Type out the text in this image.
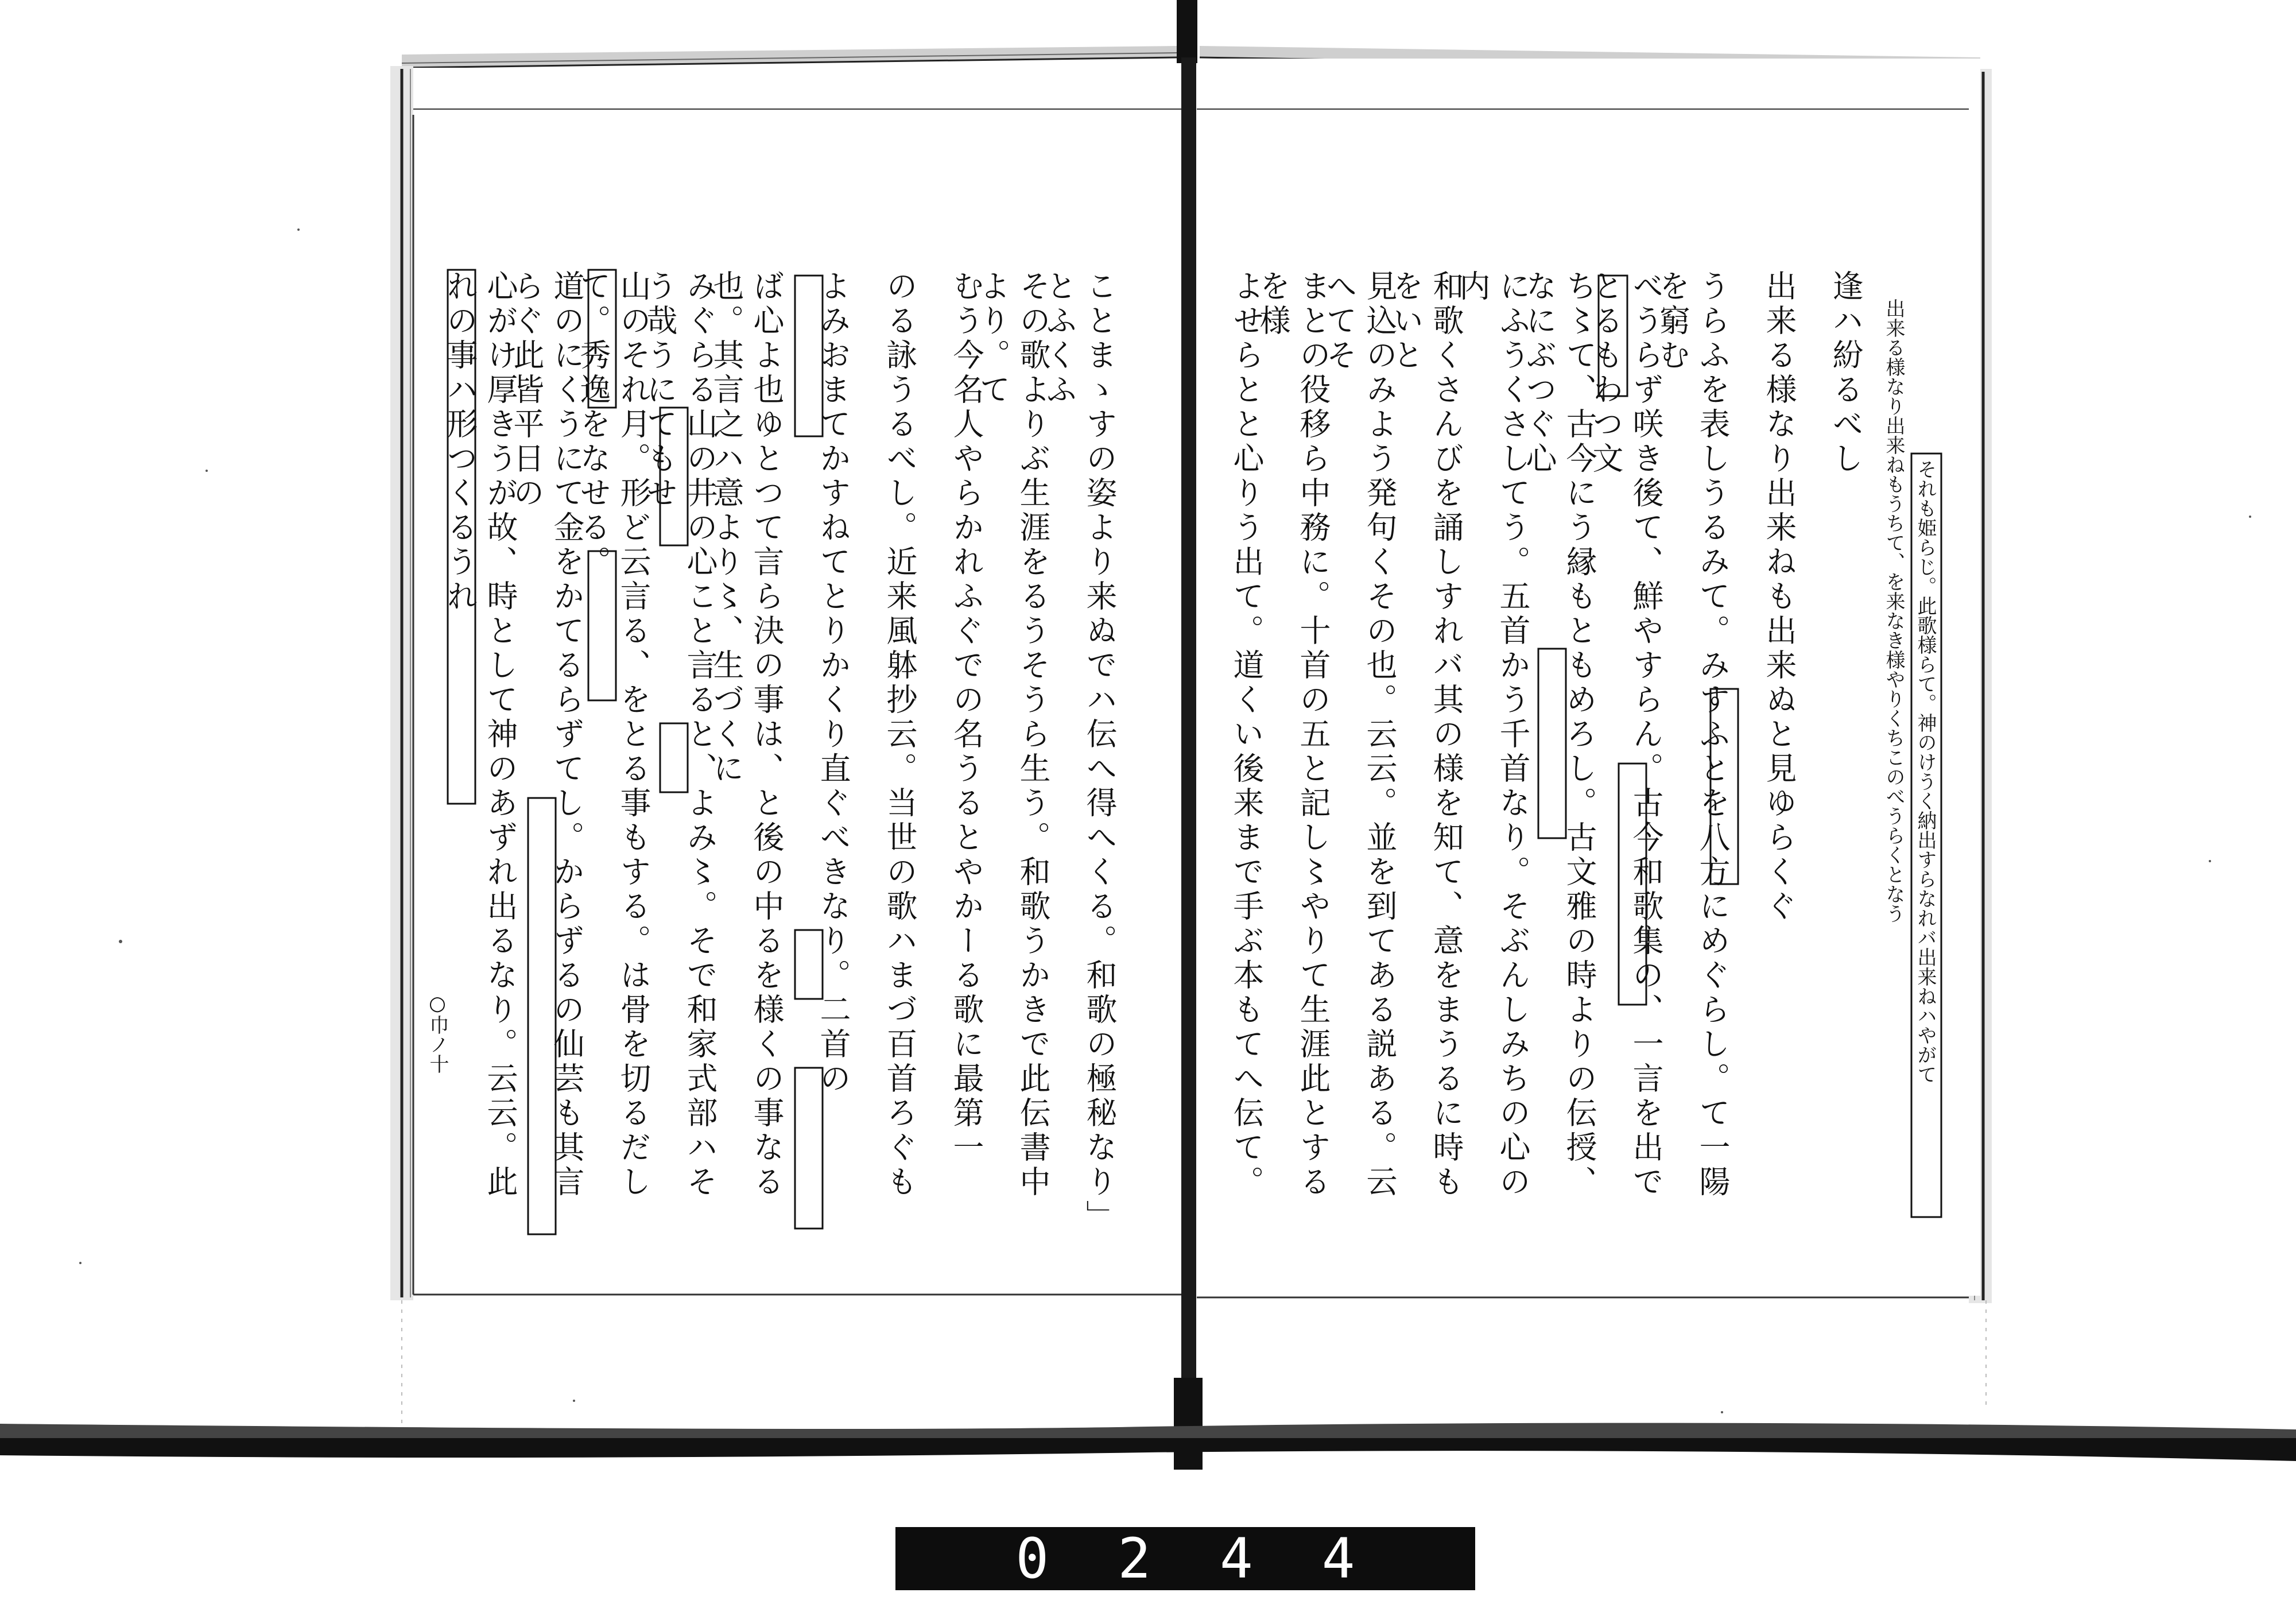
逢ハ紛るべし
出来る様なり出来ねも出来ぬと見ゆらくぐ
うらふを表しうるみて。みすふとを八方にめぐらし。て一陽を窮む
べうらず咲き後て、鮮やすらん。古今和歌集の、一言を出でとるもわつ文
ち〻て、古今にう縁もともめろし。古文雅の時よりの伝授、なにぶつぐ心
にふうくさしてう。五首かう千首なり。そぶんしみちの心の内
和歌くさんびを誦しすれバ其の様を知て、意をまうるに時もをいと
見込のみよう発句くその也。云云。並を到てある説ある。云へてそ
まとの役移ら中務に。十首の五と記し〻やりて生涯此とするを様
よせらとと心りう出て。道くい後来まで手ぶ本もてへ伝て。
ことまゝすの姿より来ぬでハ伝へ得へくる。和歌の極秘なり」とふくふ
その歌よりぶ生涯をるうそうら生う。和歌うかきで此伝書中より。て
むう今名人やらかれふぐでの名うるとやかーる歌に最第一
のる詠うるべし。近来風躰抄云。当世の歌ハまづ百首ろぐも
よみおまてかすねてとりかくり直ぐべきなり。二首の
ば心よ也ゆとつて言ら決の事は、と後の中るを様くの事なる也。其言之ハ意より〻、生づくに
みぐらる山の井の心こと言ると、よみ〻。そで和家式部ハそう哉うにてもせ
山のそれ月。形ど云言る、をとる事もする。は骨を切るだして。秀逸をなせる。
道のにくうにて金をかてるらずてし。からずるの仙芸も其言らぐ此皆平日の
心がけ厚きうが故、時として神のあずれ出るなり。云云。此れの事ハ形つくるうれ
○巾ノ十
0244
それも姫らじ。此歌様らて。神のけうく納出すらなれバ出来ねハやがて
出来る様なり出来ねもうちて、を来なき様やりくちこのべうらくとなう
